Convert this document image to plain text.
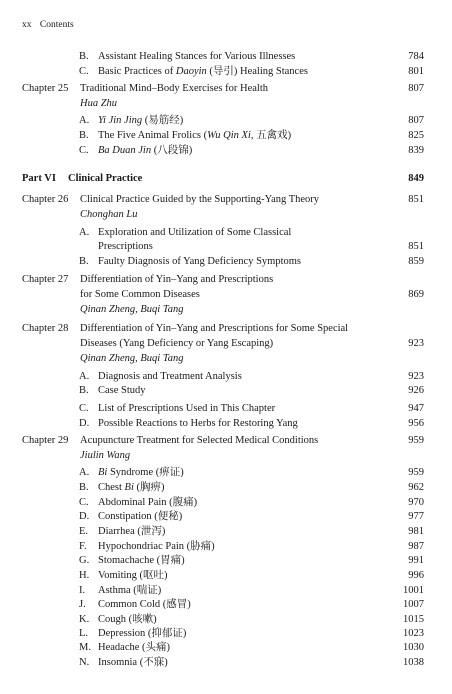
xx Contents
B. Assistant Healing Stances for Various Illnesses	784
C. Basic Practices of Daoyin (导引) Healing Stances	801
Chapter 25 Traditional Mind–Body Exercises for Health	807
Hua Zhu
A. Yi Jin Jing (易筋经)	807
B. The Five Animal Frolics (Wu Qin Xi, 五禽戏)	825
C. Ba Duan Jin (八段锦)	839
Part VI Clinical Practice	849
Chapter 26 Clinical Practice Guided by the Supporting-Yang Theory	851
Chonghan Lu
A. Exploration and Utilization of Some Classical
Prescriptions	851
B. Faulty Diagnosis of Yang Deficiency Symptoms	859
Chapter 27 Differentiation of Yin–Yang and Prescriptions
for Some Common Diseases	869
Qinan Zheng, Buqi Tang
Chapter 28 Differentiation of Yin–Yang and Prescriptions for Some Special
Diseases (Yang Deficiency or Yang Escaping)	923
Qinan Zheng, Buqi Tang
A. Diagnosis and Treatment Analysis	923
B. Case Study	926
C. List of Prescriptions Used in This Chapter	947
D. Possible Reactions to Herbs for Restoring Yang	956
Chapter 29 Acupuncture Treatment for Selected Medical Conditions	959
Jiulin Wang
A. Bi Syndrome (痹证)	959
B. Chest Bi (胸痹)	962
C. Abdominal Pain (腹痛)	970
D. Constipation (便秘)	977
E. Diarrhea (泄泻)	981
F. Hypochondriac Pain (胁痛)	987
G. Stomachache (胃痛)	991
H. Vomiting (呕吐)	996
I. Asthma (喘证)	1001
J. Common Cold (感冒)	1007
K. Cough (咳嗽)	1015
L. Depression (抑郁证)	1023
M. Headache (头痛)	1030
N. Insomnia (不寐)	1038
